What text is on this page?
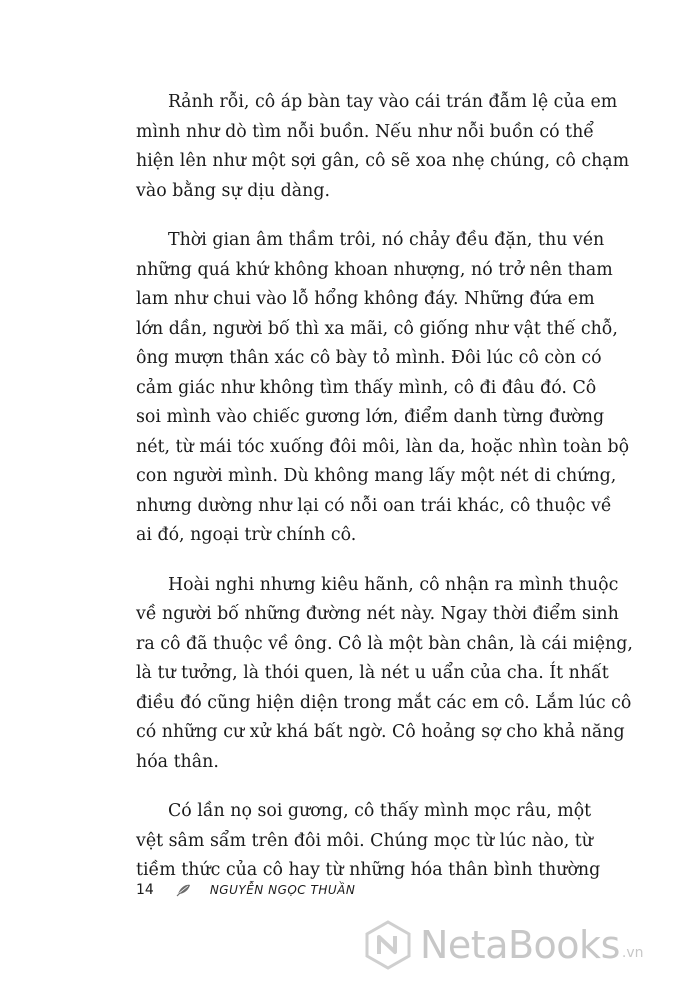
Rảnh rỗi, cô áp bàn tay vào cái trán đẫm lệ của em
mình như dò tìm nỗi buồn. Nếu như nỗi buồn có thể
hiện lên như một sợi gân, cô sẽ xoa nhẹ chúng, cô chạm
vào bằng sự dịu dàng.

Thời gian âm thầm trôi, nó chảy đều đặn, thu vén
những quá khứ không khoan nhượng, nó trở nên tham
lam như chui vào lỗ hổng không đáy. Những đứa em
lớn dần, người bố thì xa mãi, cô giống như vật thế chỗ,
ông mượn thân xác cô bày tỏ mình. Đôi lúc cô còn có
cảm giác như không tìm thấy mình, cô đi đâu đó. Cô
soi mình vào chiếc gương lớn, điểm danh từng đường
nét, từ mái tóc xuống đôi môi, làn da, hoặc nhìn toàn bộ
con người mình. Dù không mang lấy một nét di chứng,
nhưng dường như lại có nỗi oan trái khác, cô thuộc về
ai đó, ngoại trừ chính cô.

Hoài nghi nhưng kiêu hãnh, cô nhận ra mình thuộc
về người bố những đường nét này. Ngay thời điểm sinh
ra cô đã thuộc về ông. Cô là một bàn chân, là cái miệng,
là tư tưởng, là thói quen, là nét u uẩn của cha. Ít nhất
điều đó cũng hiện diện trong mắt các em cô. Lắm lúc cô
có những cư xử khá bất ngờ. Cô hoảng sợ cho khả năng
hóa thân.

Có lần nọ soi gương, cô thấy mình mọc râu, một
vệt sâm sẩm trên đôi môi. Chúng mọc từ lúc nào, từ
tiềm thức của cô hay từ những hóa thân bình thường

14	NGUYỄN NGỌC THUẦN
NetaBooks .vn
